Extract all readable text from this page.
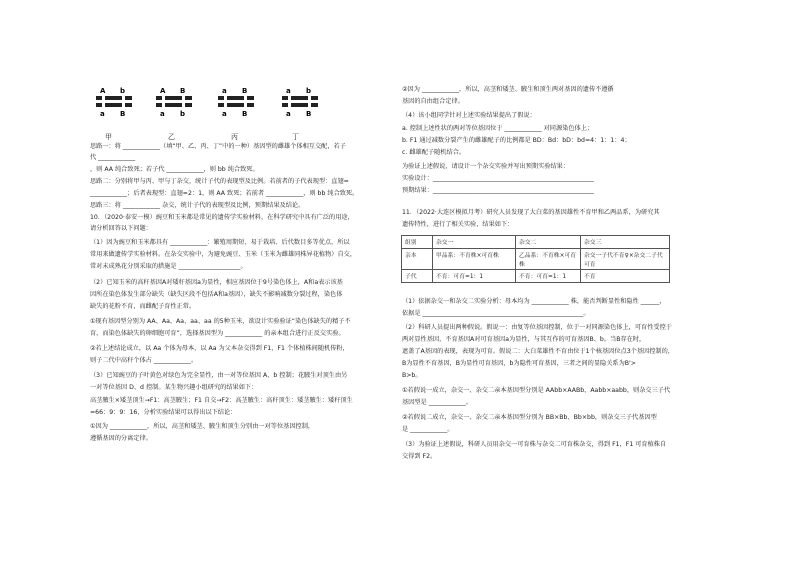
A b
a B
A B
a b
a B
a B
a b
a B
甲	乙	丙	丁
思路一：将 ____________（填“甲、乙、丙、丁”中的一种）基因型的雌雄个体相互交配，若子
代 ____________
，则 AA 纯合致死；若子代 ____________，则 bb 纯合致死。
思路二：分别将甲与丙、甲与丁杂交，统计子代的表现型及比例。若前者的子代表现型：直翅=
____________；后者表现型：直翅=2：1，则 AA 致死；若前者 ____________，则 bb 纯合致死。
思路三：将 ____________ 杂交，统计子代的表现型及比例，预期结果及结论。
10．（2020·泰安一模）豌豆和玉米都是常见的遗传学实验材料，在科学研究中具有广泛的用途，
请分析回答以下问题：
（1）因为豌豆和玉米都具有 ____________：繁殖周期短、易于栽培、后代数目多等优点，所以
常用来做遗传学实验材料。在杂交实验中，为避免豌豆、玉米（玉米为雌雄同株异花植物）自交，
常对未成熟花分别采取的措施是 ____________________。
（2）已知玉米的高秆基因A对矮秆基因a为显性，相应基因位于9号染色体上，A和a表示该基
因所在染色体发生部分缺失（缺失区段不包括A和a基因），缺失不影响减数分裂过程，染色体
缺失的花粉不育，而雌配子育性正常。
①现有基因型分别为 AA、Aa、Aa、aa、aa 的5种玉米，欲设计实验验证“染色体缺失的精子不
育，而染色体缺失的卵细胞可育”，选择基因型为 ____________ 的亲本组合进行正反交实验。
②若上述结论成立，以 Aa 个体为母本，以 Aa 为父本杂交得到 F1，F1 个体植株间随机传粉，
则子二代中高秆个体占 ____________。
（3）已知豌豆的子叶黄色对绿色为完全显性，由一对等位基因 A、b 控制；花腋生对顶生由另
一对等位基因 D、d 控制。某生物兴趣小组研究的结果如下：
高茎腋生×矮茎顶生→F1：高茎腋生；F1 自交→F2：高茎腋生：高秆顶生：矮茎腋生：矮秆顶生
=66：9：9：16，分析实验结果可以得出以下结论：
①因为 ____________，所以，高茎和矮茎、腋生和顶生分别由一对等位基因控制，
遵循基因的分离定律。
②因为 ____________，所以，高茎和矮茎、腋生和顶生两对基因的遗传不遵循
基因的自由组合定律。
（4）该小组同学针对上述实验结果提出了假说：
a. 控制上述性状的两对等位基因位于 ____________ 对同源染色体上；
b. F1 通过减数分裂产生的雌雄配子的比例都是 BD：Bd：bD：bd=4：1：1：4；
c. 雌雄配子随机结合。
为验证上述假说，请设计一个杂交实验并写出预期实验结果：
实验设计：____________________________________________________
预期结果：____________________________________________________
11．（2022·大连区模拟月考）研究人员发现了大白菜的基因雄性不育甲和乙两品系，为研究其
遗传特性，进行了相关实验，结果如下：
组别	杂交一	杂交二	杂交三
亲本	甲品系：不育株×可育株	乙品系：不育株×可育株	杂交一子代不育♀×杂交二子代可育
子代	不育：可育=1：1	不育：可育=1：1	不育
（1）依据杂交一和杂交二实验分析：母本均为 ____________ 株，能否判断显性和隐性 ______，
依据是 ____________________________________________________。
（2）科研人员提出两种假说。假说一：由复等位基因控制，位于一对同源染色体上，可育性受控于
两对显性基因，不育基因A对可育基因a为显性，与其互作的可育基因B、b。当B存在时，
遮盖了A基因的表现，表现为可育。假说二：大白菜雄性不育由位于1个核基因位点3个基因控制的，
B为显性不育基因，B为显性可育基因，b为隐性可育基因，三者之间的显隐关系为B'>
B>b。
①若假说一成立，杂交一、杂交二亲本基因型分别是 AAbb×AABb、Aabb×aabb，则杂交三子代
基因型是 ____________。
②若假说二成立，杂交一、杂交二亲本基因型分别为 BB×Bb、Bb×bb，则杂交三子代基因型
是 ____________。
（3）为验证上述假说，科研人员用杂交一可育株与杂交二可育株杂交，得到 F1，F1 可育植株自
交得到 F2。
